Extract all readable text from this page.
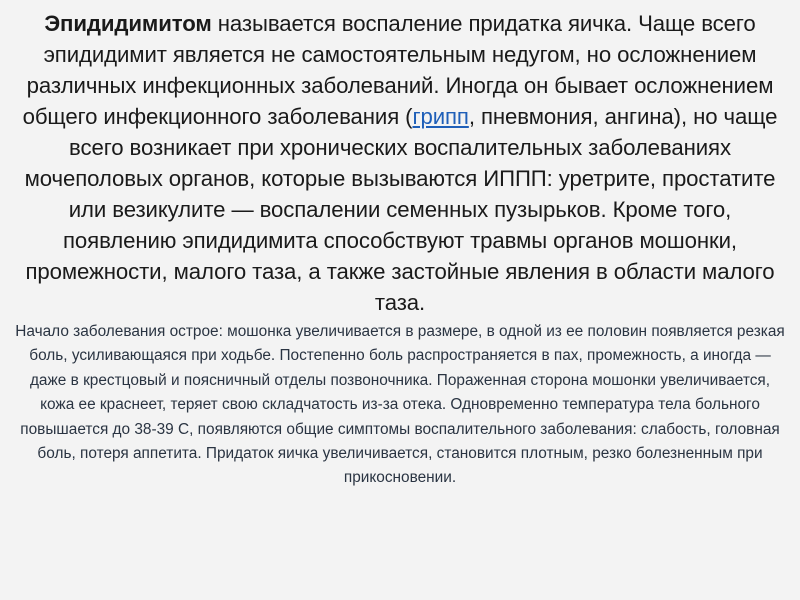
Эпидидимитом называется воспаление придатка яичка. Чаще всего эпидидимит является не самостоятельным недугом, но осложнением различных инфекционных заболеваний. Иногда он бывает осложнением общего инфекционного заболевания (грипп, пневмония, ангина), но чаще всего возникает при хронических воспалительных заболеваниях мочеполовых органов, которые вызываются ИППП: уретрите, простатите или везикулите — воспалении семенных пузырьков. Кроме того, появлению эпидидимита способствуют травмы органов мошонки, промежности, малого таза, а также застойные явления в области малого таза.

Начало заболевания острое: мошонка увеличивается в размере, в одной из ее половин появляется резкая боль, усиливающаяся при ходьбе. Постепенно боль распространяется в пах, промежность, а иногда — даже в крестцовый и поясничный отделы позвоночника. Пораженная сторона мошонки увеличивается, кожа ее краснеет, теряет свою складчатость из-за отека. Одновременно температура тела больного повышается до 38-39 С, появляются общие симптомы воспалительного заболевания: слабость, головная боль, потеря аппетита. Придаток яичка увеличивается, становится плотным, резко болезненным при прикосновении.
